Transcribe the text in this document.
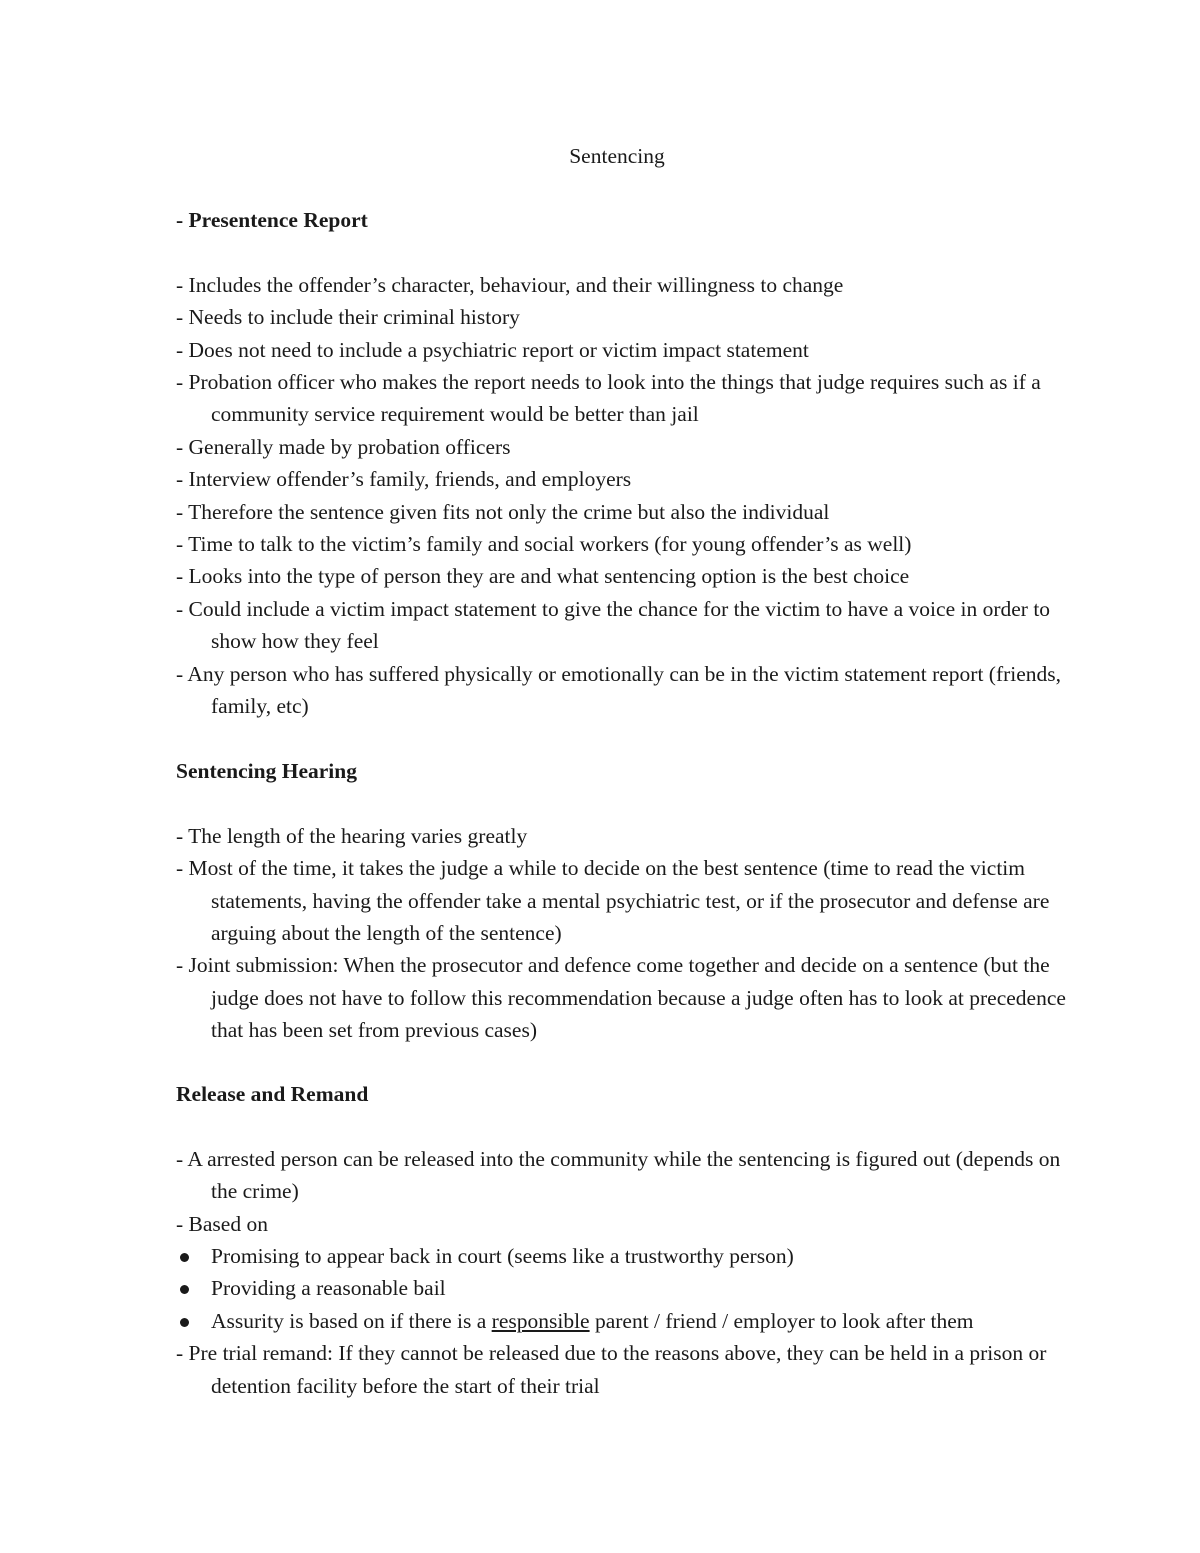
Sentencing
- Presentence Report
- Includes the offender’s character, behaviour, and their willingness to change
- Needs to include their criminal history
- Does not need to include a psychiatric report or victim impact statement
- Probation officer who makes the report needs to look into the things that judge requires such as if a community service requirement would be better than jail
- Generally made by probation officers
- Interview offender’s family, friends, and employers
- Therefore the sentence given fits not only the crime but also the individual
- Time to talk to the victim’s family and social workers (for young offender’s as well)
- Looks into the type of person they are and what sentencing option is the best choice
- Could include a victim impact statement to give the chance for the victim to have a voice in order to show how they feel
- Any person who has suffered physically or emotionally can be in the victim statement report (friends, family, etc)
Sentencing Hearing
- The length of the hearing varies greatly
- Most of the time, it takes the judge a while to decide on the best sentence (time to read the victim statements, having the offender take a mental psychiatric test, or if the prosecutor and defense are arguing about the length of the sentence)
- Joint submission: When the prosecutor and defence come together and decide on a sentence (but the judge does not have to follow this recommendation because a judge often has to look at precedence that has been set from previous cases)
Release and Remand
- A arrested person can be released into the community while the sentencing is figured out (depends on the crime)
- Based on
Promising to appear back in court (seems like a trustworthy person)
Providing a reasonable bail
Assurity is based on if there is a responsible parent / friend / employer to look after them
- Pre trial remand: If they cannot be released due to the reasons above, they can be held in a prison or detention facility before the start of their trial
